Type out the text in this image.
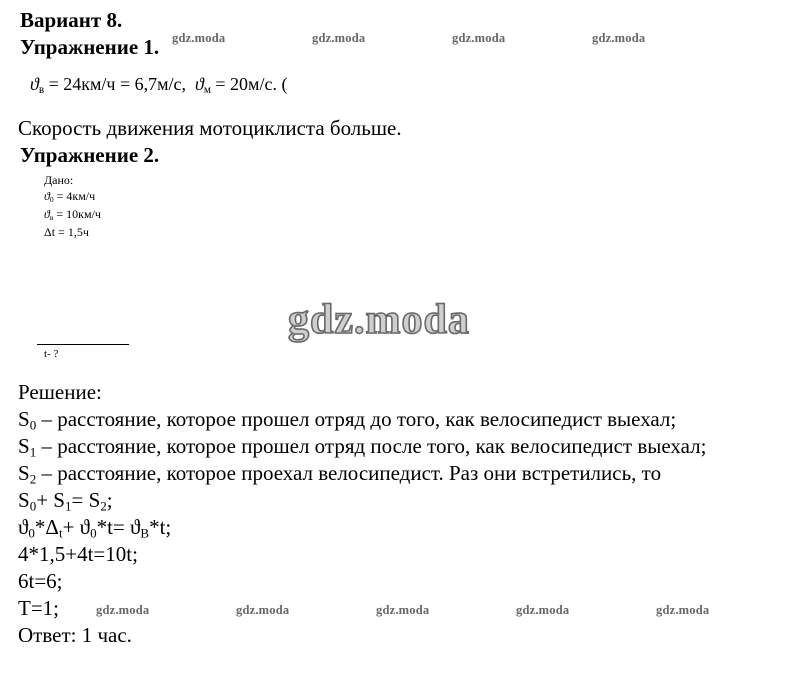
Вариант 8.
Упражнение 1. gdz.moda	gdz.moda	gdz.moda	gdz.moda
$ϑ_в = 24км/ч = 6,7м/с$, $ϑ_м = 20м/с$. (
Скорость движения мотоциклиста больше.
Упражнение 2.
Дано:
$ϑ_0 = 4км/ч$
$ϑ_в = 10км/ч$
Δt = 1,5ч
gdz.moda
t- ?
Решение:
$S_0$ – расстояние, которое прошел отряд до того, как велосипедист выехал;
$S_1$ – расстояние, которое прошел отряд после того, как велосипедист выехал;
$S_2$ – расстояние, которое проехал велосипедист. Раз они встретились, то
$S_0+ S_1= S_2$;
$ϑ_0*\Delta_t+ ϑ_0*t= ϑ_В*t$;
4*1,5+4t=10t;
6t=6;
T=1;	gdz.moda	gdz.moda	gdz.moda	gdz.moda	gdz.moda
Ответ: 1 час.
